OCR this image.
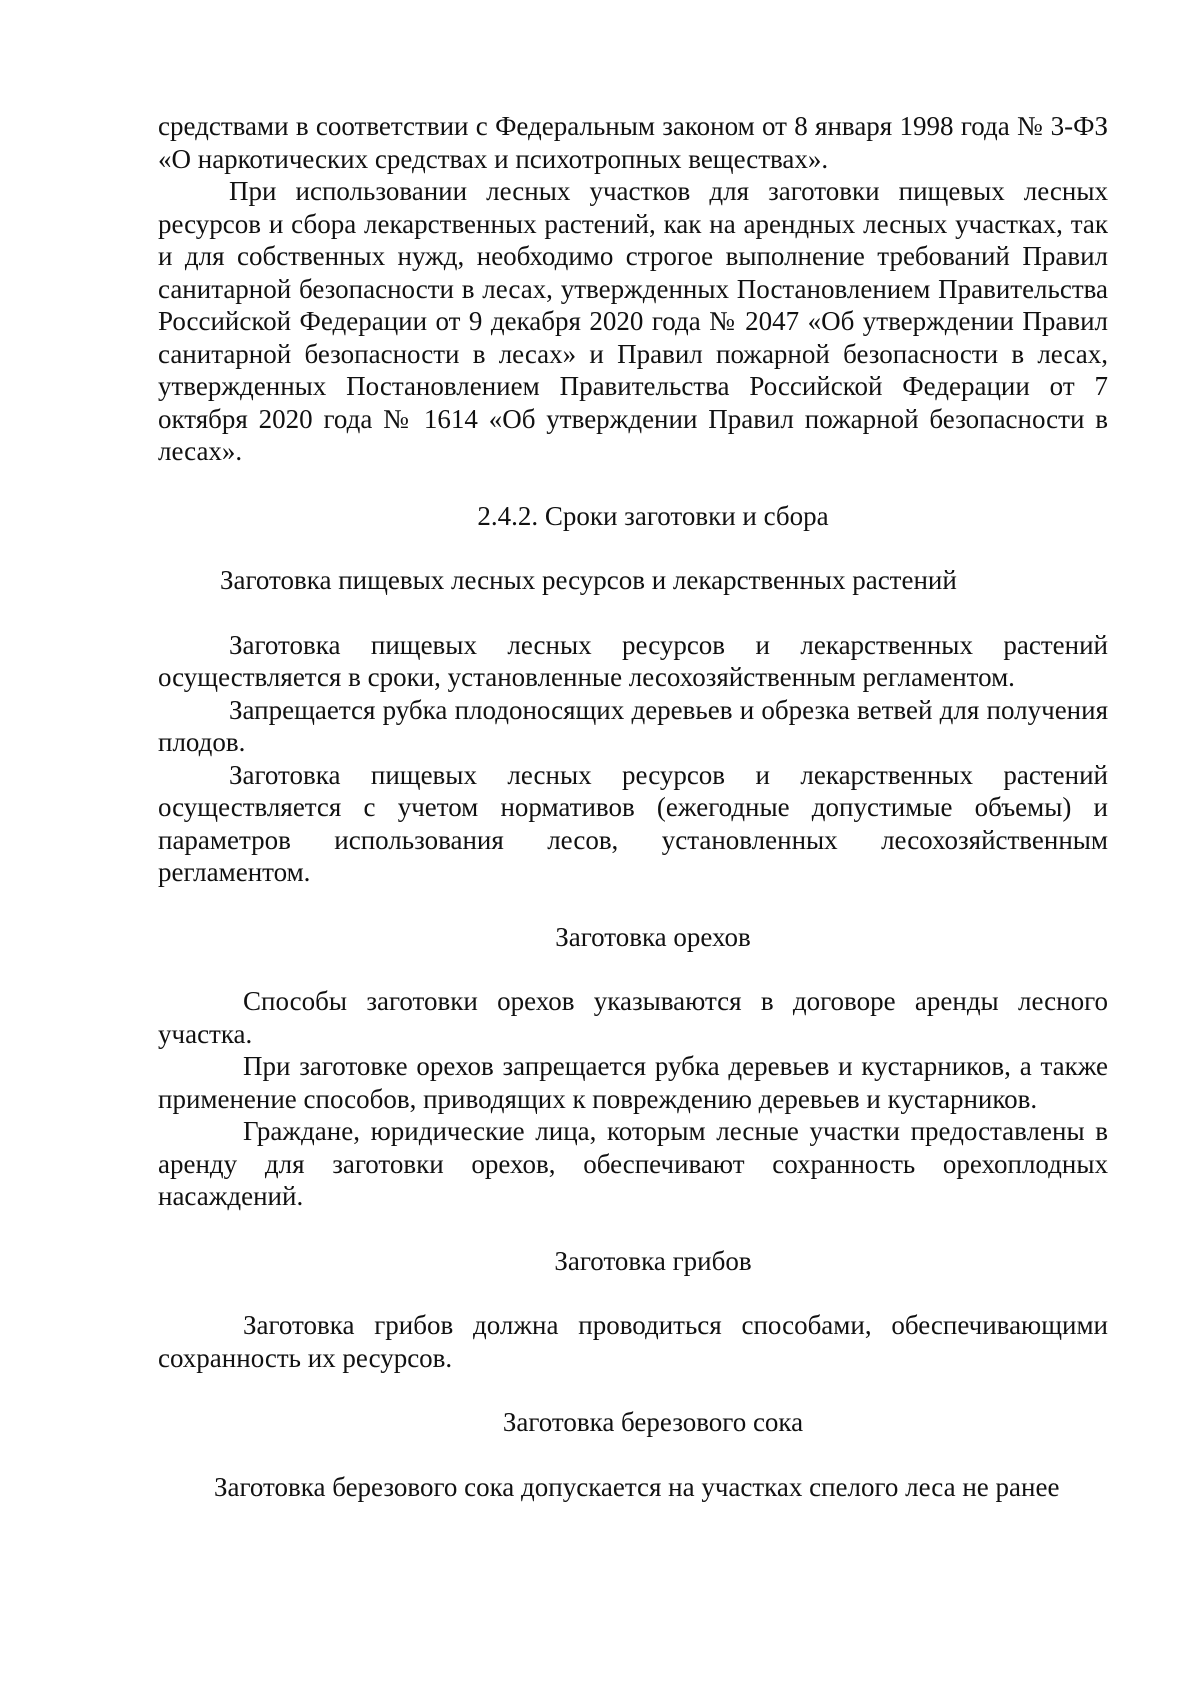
средствами в соответствии с Федеральным законом от 8 января 1998 года № 3-ФЗ «О наркотических средствах и психотропных веществах».

При использовании лесных участков для заготовки пищевых лесных ресурсов и сбора лекарственных растений, как на арендных лесных участках, так и для собственных нужд, необходимо строгое выполнение требований Правил санитарной безопасности в лесах, утвержденных Постановлением Правительства Российской Федерации от 9 декабря 2020 года № 2047 «Об утверждении Правил санитарной безопасности в лесах» и Правил пожарной безопасности в лесах, утвержденных Постановлением Правительства Российской Федерации от 7 октября 2020 года № 1614 «Об утверждении Правил пожарной безопасности в лесах».

2.4.2. Сроки заготовки и сбора

Заготовка пищевых лесных ресурсов и лекарственных растений

Заготовка пищевых лесных ресурсов и лекарственных растений осуществляется в сроки, установленные лесохозяйственным регламентом.

Запрещается рубка плодоносящих деревьев и обрезка ветвей для получения плодов.

Заготовка пищевых лесных ресурсов и лекарственных растений осуществляется с учетом нормативов (ежегодные допустимые объемы) и параметров использования лесов, установленных лесохозяйственным регламентом.

Заготовка орехов

Способы заготовки орехов указываются в договоре аренды лесного участка.

При заготовке орехов запрещается рубка деревьев и кустарников, а также применение способов, приводящих к повреждению деревьев и кустарников.

Граждане, юридические лица, которым лесные участки предоставлены в аренду для заготовки орехов, обеспечивают сохранность орехоплодных насаждений.

Заготовка грибов

Заготовка грибов должна проводиться способами, обеспечивающими сохранность их ресурсов.

Заготовка березового сока

Заготовка березового сока допускается на участках спелого леса не ранее
